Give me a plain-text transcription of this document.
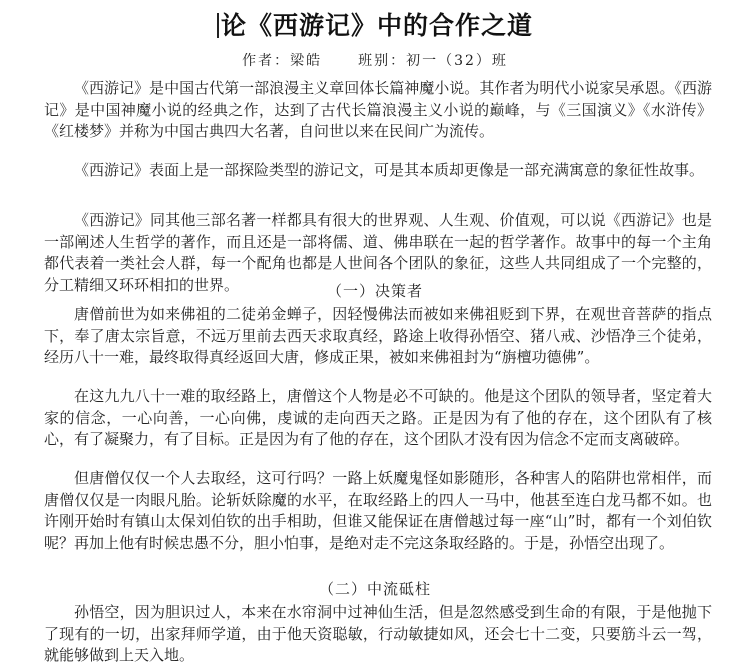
论《西游记》中的合作之道
作者：梁皓	班别：初一（32）班

《西游记》是中国古代第一部浪漫主义章回体长篇神魔小说。其作者为明代小说家吴承恩。《西游记》是中国神魔小说的经典之作，达到了古代长篇浪漫主义小说的巅峰，与《三国演义》《水浒传》《红楼梦》并称为中国古典四大名著，自问世以来在民间广为流传。

《西游记》表面上是一部探险类型的游记文，可是其本质却更像是一部充满寓意的象征性故事。

《西游记》同其他三部名著一样都具有很大的世界观、人生观、价值观，可以说《西游记》也是一部阐述人生哲学的著作，而且还是一部将儒、道、佛串联在一起的哲学著作。故事中的每一个主角都代表着一类社会人群，每一个配角也都是人世间各个团队的象征，这些人共同组成了一个完整的，分工精细又环环相扣的世界。	（一）决策者

唐僧前世为如来佛祖的二徒弟金蝉子，因轻慢佛法而被如来佛祖贬到下界，在观世音菩萨的指点下，奉了唐太宗旨意，不远万里前去西天求取真经，路途上收得孙悟空、猪八戒、沙悟净三个徒弟，经历八十一难，最终取得真经返回大唐，修成正果，被如来佛祖封为“旃檀功德佛”。

在这九九八十一难的取经路上，唐僧这个人物是必不可缺的。他是这个团队的领导者，坚定着大家的信念，一心向善，一心向佛，虔诚的走向西天之路。正是因为有了他的存在，这个团队有了核心，有了凝聚力，有了目标。正是因为有了他的存在，这个团队才没有因为信念不定而支离破碎。

但唐僧仅仅一个人去取经，这可行吗？一路上妖魔鬼怪如影随形，各种害人的陷阱也常相伴，而唐僧仅仅是一肉眼凡胎。论斩妖除魔的水平，在取经路上的四人一马中，他甚至连白龙马都不如。也许刚开始时有镇山太保刘伯钦的出手相助，但谁又能保证在唐僧越过每一座“山”时，都有一个刘伯钦呢？再加上他有时候忠愚不分，胆小怕事，是绝对走不完这条取经路的。于是，孙悟空出现了。

（二）中流砥柱

孙悟空，因为胆识过人，本来在水帘洞中过神仙生活，但是忽然感受到生命的有限，于是他抛下了现有的一切，出家拜师学道，由于他天资聪敏，行动敏捷如风，还会七十二变，只要筋斗云一驾，就能够做到上天入地。
